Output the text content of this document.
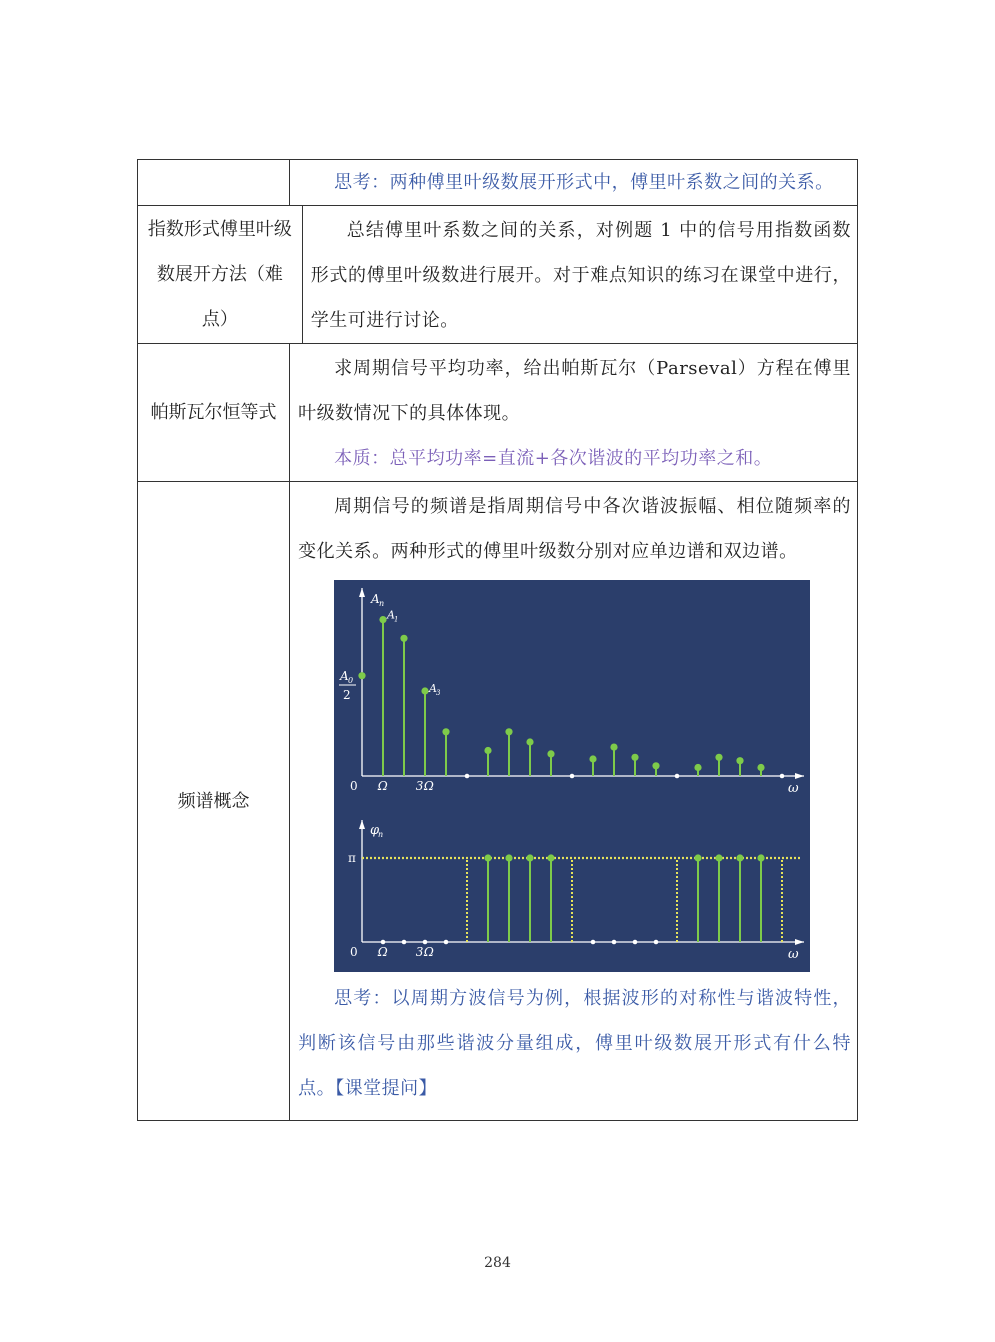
思考：两种傅里叶级数展开形式中，傅里叶系数之间的关系。

指数形式傅里叶级数展开方法（难点）

总结傅里叶系数之间的关系，对例题 1 中的信号用指数函数形式的傅里叶级数进行展开。对于难点知识的练习在课堂中进行，学生可进行讨论。

帕斯瓦尔恒等式

求周期信号平均功率，给出帕斯瓦尔（Parseval）方程在傅里叶级数情况下的具体体现。

本质：总平均功率=直流+各次谐波的平均功率之和。

频谱概念

周期信号的频谱是指周期信号中各次谐波振幅、相位随频率的变化关系。两种形式的傅里叶级数分别对应单边谱和双边谱。

A
n
0 Ω 3Ω	ω
A
0
2
A
1
A
3
φ
n
π
0 Ω 3Ω	ω

思考：以周期方波信号为例，根据波形的对称性与谐波特性，判断该信号由那些谐波分量组成，傅里叶级数展开形式有什么特点。【课堂提问】

284
